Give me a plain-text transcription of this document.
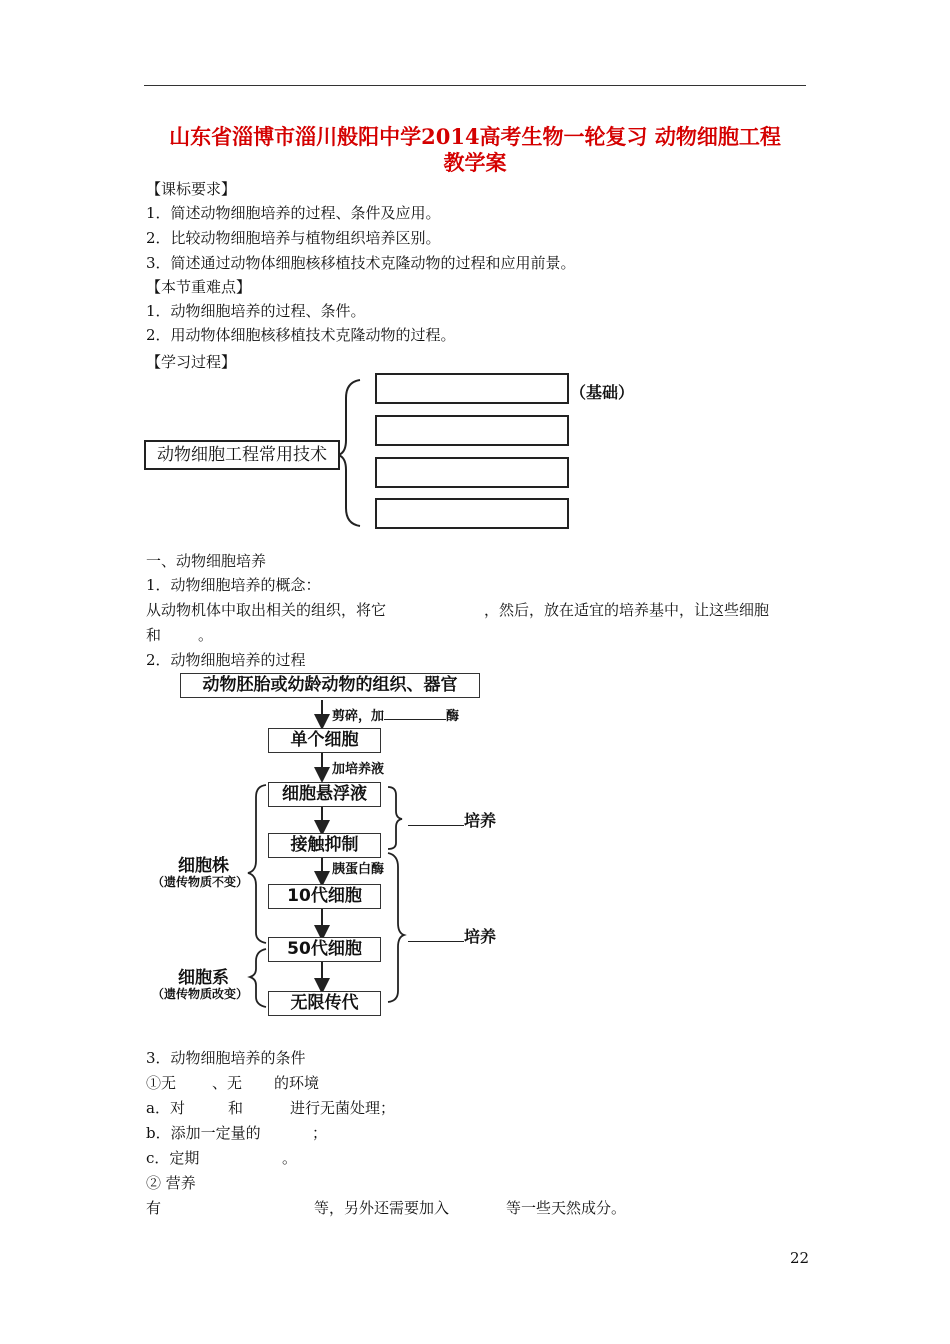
山东省淄博市淄川般阳中学2014高考生物一轮复习 动物细胞工程
教学案
【课标要求】
1．简述动物细胞培养的过程、条件及应用。
2．比较动物细胞培养与植物组织培养区别。
3．简述通过动物体细胞核移植技术克隆动物的过程和应用前景。
【本节重难点】
1．动物细胞培养的过程、条件。
2．用动物体细胞核移植技术克隆动物的过程。
【学习过程】
动物细胞工程常用技术
（基础）
一、动物细胞培养
1．动物细胞培养的概念：
从动物机体中取出相关的组织，将它	，然后，放在适宜的培养基中，让这些细胞
和 。
2．动物细胞培养的过程
动物胚胎或幼龄动物的组织、器官
剪碎，加	酶
单个细胞
加培养液
细胞悬浮液
接触抑制
胰蛋白酶
10代细胞
50代细胞
无限传代
培养
培养
细胞株
（遗传物质不变）
细胞系
（遗传物质改变）
3．动物细胞培养的条件
①无 、无 的环境
a．对	和	进行无菌处理；
b．添加一定量的	；
c．定期	。
② 营养
有	等，另外还需要加入	等一些天然成分。
22
